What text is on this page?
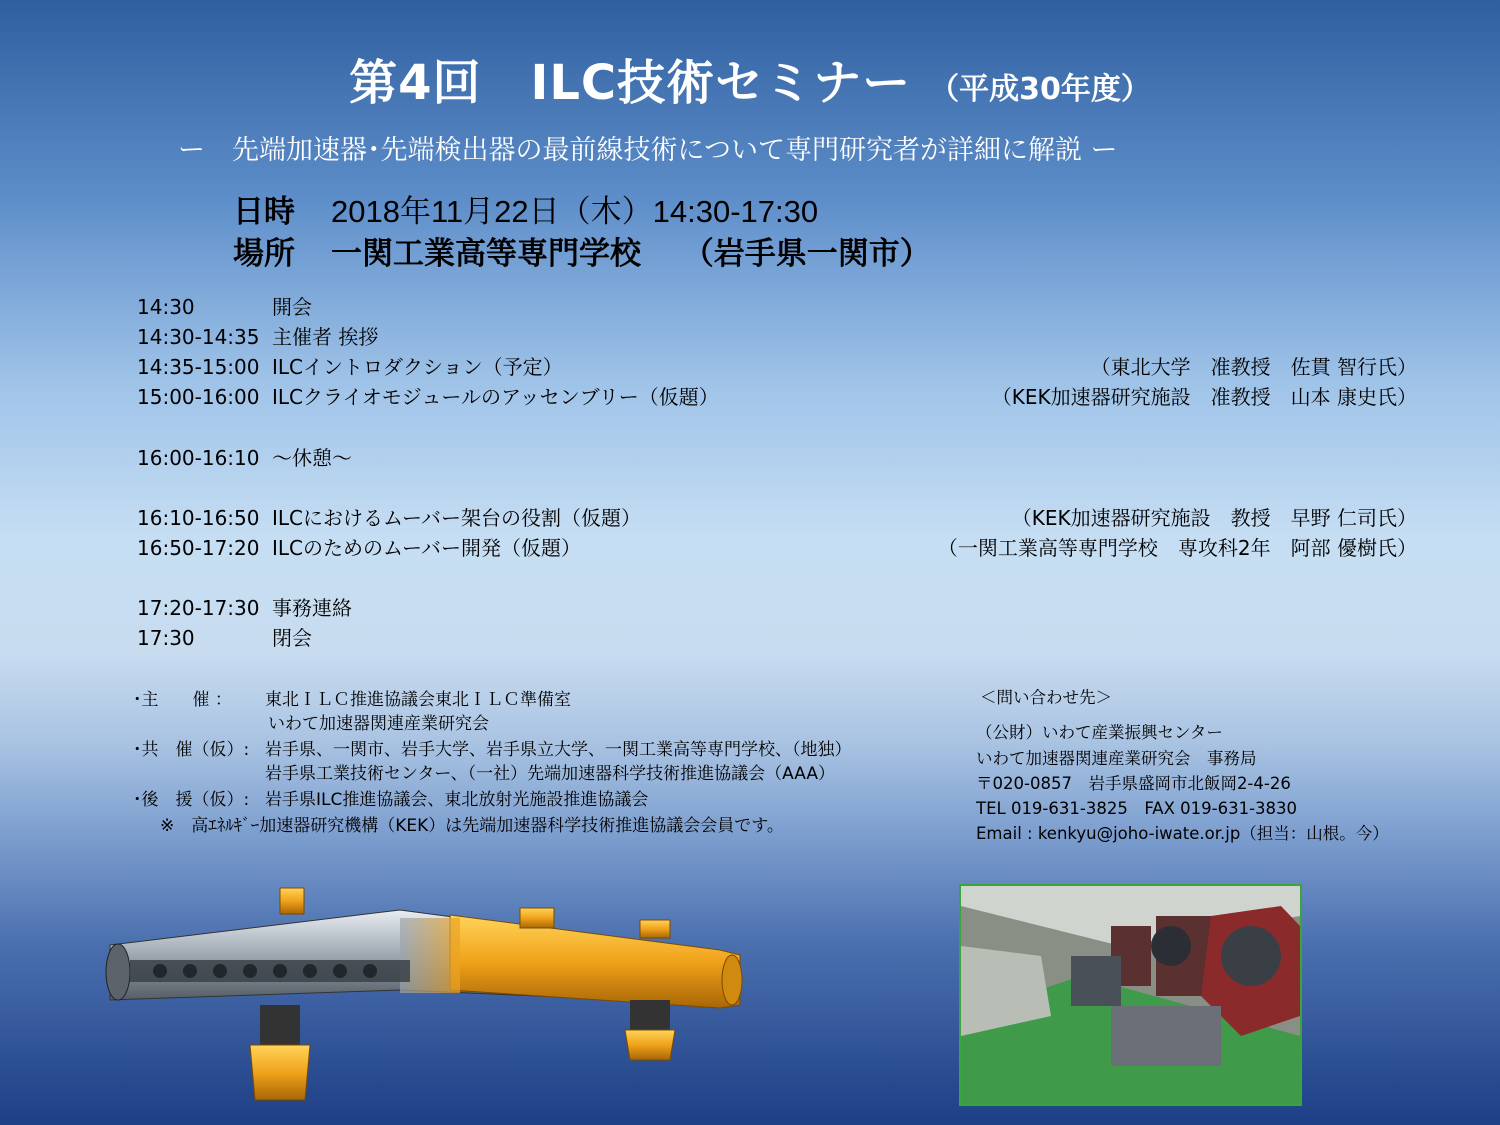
第4回　ILC技術セミナー （平成30年度）
ー　先端加速器･先端検出器の最前線技術について専門研究者が詳細に解説 ー
日時 2018年11月22日（木）14:30-17:30
場所 一関工業高等専門学校　 （岩手県一関市）
14:30	開会
14:30-14:35 主催者 挨拶
14:35-15:00 ILCイントロダクション（予定）	（東北大学　准教授　佐貫 智行氏）
15:00-16:00 ILCクライオモジュールのアッセンブリー（仮題）	（KEK加速器研究施設　准教授　山本 康史氏）
16:00-16:10 ～休憩～
16:10-16:50 ILCにおけるムーバー架台の役割（仮題）	（KEK加速器研究施設　教授　早野 仁司氏）
16:50-17:20 ILCのためのムーバー開発（仮題）	（一関工業高等専門学校　専攻科2年　阿部 優樹氏）
17:20-17:30 事務連絡
17:30	閉会
･主　　催 ： 東北ＩＬＣ推進協議会東北ＩＬＣ準備室
いわて加速器関連産業研究会
･共　催（仮）: 岩手県、一関市、岩手大学、岩手県立大学、一関工業高等専門学校、（地独）
岩手県工業技術センター、（一社）先端加速器科学技術推進協議会（AAA）
･後　援（仮）: 岩手県ILC推進協議会、東北放射光施設推進協議会
※　高ｴﾈﾙｷﾞｰ加速器研究機構（KEK）は先端加速器科学技術推進協議会会員です。
＜問い合わせ先＞
（公財）いわて産業振興センター
いわて加速器関連産業研究会　事務局
〒020-0857　岩手県盛岡市北飯岡2-4-26
TEL 019-631-3825　FAX 019-631-3830
Email : kenkyu@joho-iwate.or.jp（担当：山根。今）
